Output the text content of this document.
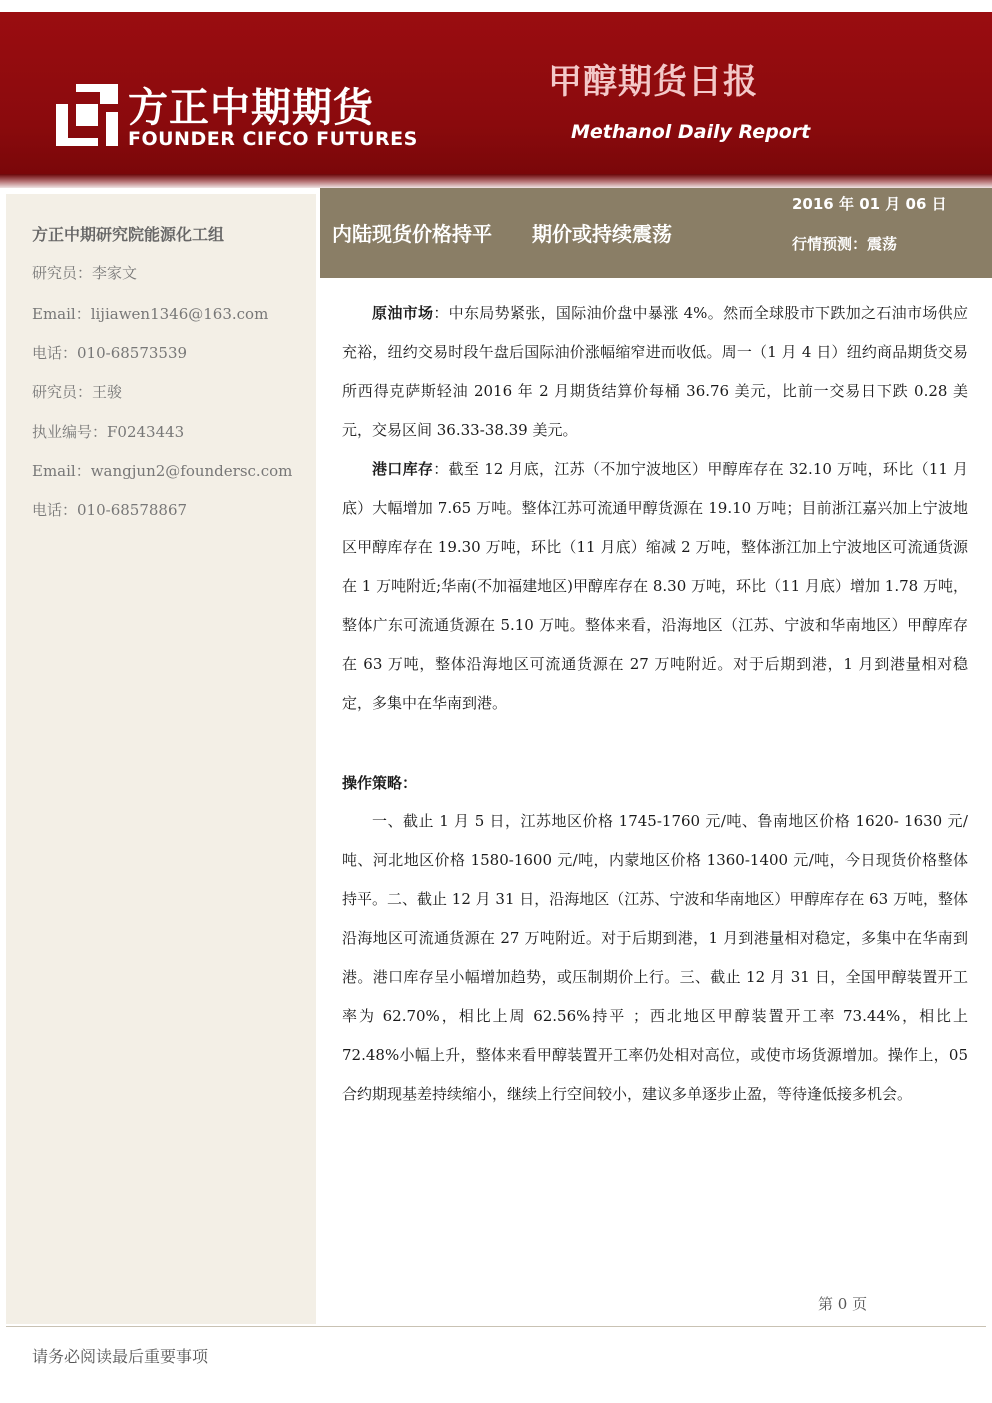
方正中期期货
FOUNDER CIFCO FUTURES
甲醇期货日报
Methanol Daily Report
方正中期研究院能源化工组
研究员：李家文
Email：lijiawen1346@163.com
电话：010-68573539
研究员：王骏
执业编号：F0243443
Email：wangjun2@foundersc.com
电话：010-68578867
内陆现货价格持平　　期价或持续震荡
2016 年 01 月 06 日
行情预测：震荡

原油市场：中东局势紧张，国际油价盘中暴涨 4%。然而全球股市下跌加之石油市场供应充裕，纽约交易时段午盘后国际油价涨幅缩窄进而收低。周一（1 月 4 日）纽约商品期货交易所西得克萨斯轻油 2016 年 2 月期货结算价每桶 36.76 美元，比前一交易日下跌 0.28 美元，交易区间 36.33-38.39 美元。

港口库存：截至 12 月底，江苏（不加宁波地区）甲醇库存在 32.10 万吨，环比（11 月底）大幅增加 7.65 万吨。整体江苏可流通甲醇货源在 19.10 万吨；目前浙江嘉兴加上宁波地区甲醇库存在 19.30 万吨，环比（11 月底）缩减 2 万吨，整体浙江加上宁波地区可流通货源在 1 万吨附近;华南(不加福建地区)甲醇库存在 8.30 万吨，环比（11 月底）增加 1.78 万吨，整体广东可流通货源在 5.10 万吨。整体来看，沿海地区（江苏、宁波和华南地区）甲醇库存在 63 万吨，整体沿海地区可流通货源在 27 万吨附近。对于后期到港，1 月到港量相对稳定，多集中在华南到港。

操作策略：

一、截止 1 月 5 日，江苏地区价格 1745-1760 元/吨、鲁南地区价格 1620- 1630 元/吨、河北地区价格 1580-1600 元/吨，内蒙地区价格 1360-1400 元/吨，今日现货价格整体持平。二、截止 12 月 31 日，沿海地区（江苏、宁波和华南地区）甲醇库存在 63 万吨，整体沿海地区可流通货源在 27 万吨附近。对于后期到港，1 月到港量相对稳定，多集中在华南到港。港口库存呈小幅增加趋势，或压制期价上行。三、截止 12 月 31 日，全国甲醇装置开工率为 62.70%，相比上周 62.56%持平 ；西北地区甲醇装置开工率 73.44%，相比上 72.48%小幅上升，整体来看甲醇装置开工率仍处相对高位，或使市场货源增加。操作上，05 合约期现基差持续缩小，继续上行空间较小，建议多单逐步止盈，等待逢低接多机会。

第 0 页
请务必阅读最后重要事项
